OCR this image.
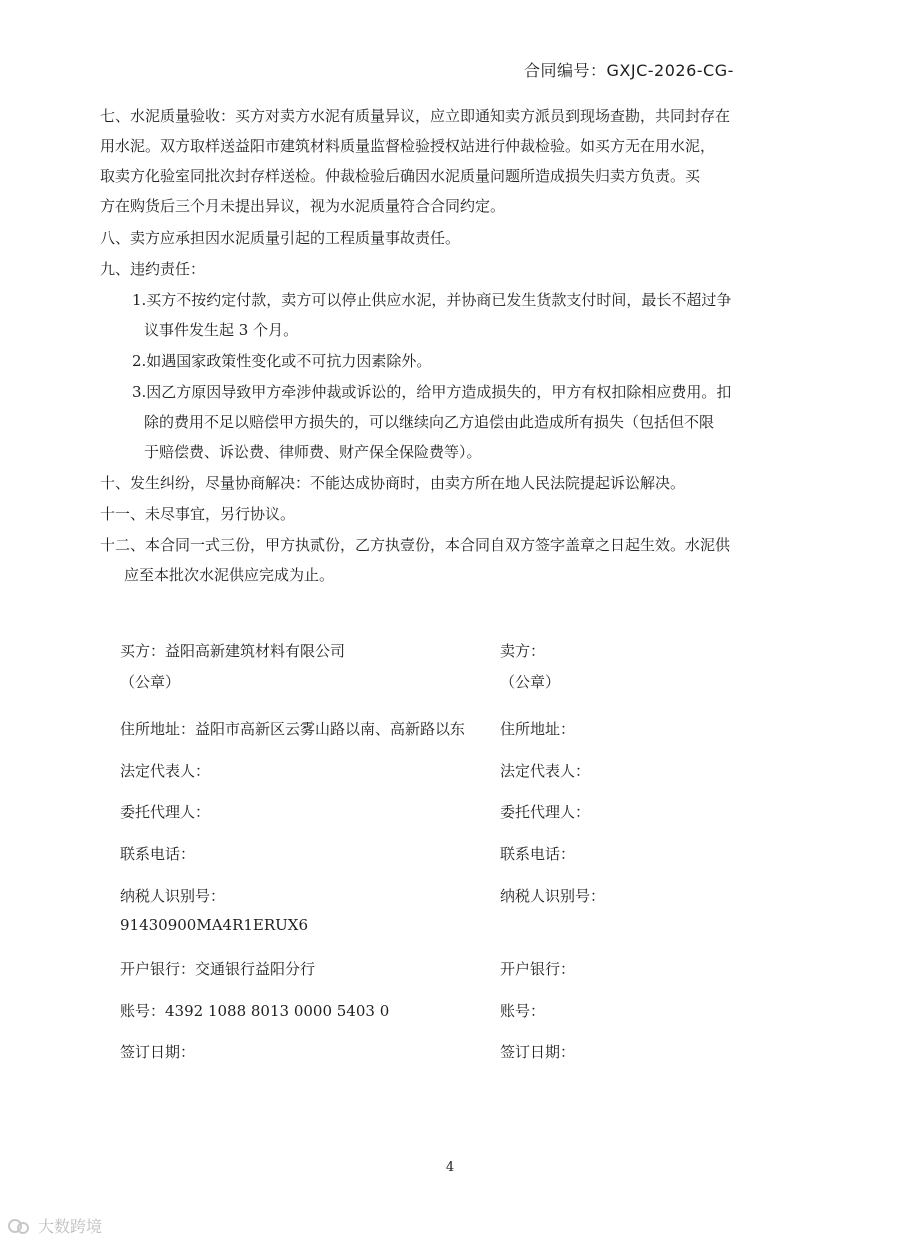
合同编号：GXJC-2026-CG-
七、水泥质量验收：买方对卖方水泥有质量异议，应立即通知卖方派员到现场查勘，共同封存在
用水泥。双方取样送益阳市建筑材料质量监督检验授权站进行仲裁检验。如买方无在用水泥，
取卖方化验室同批次封存样送检。仲裁检验后确因水泥质量问题所造成损失归卖方负责。买
方在购货后三个月未提出异议，视为水泥质量符合合同约定。
八、卖方应承担因水泥质量引起的工程质量事故责任。
九、违约责任：
1.买方不按约定付款，卖方可以停止供应水泥，并协商已发生货款支付时间，最长不超过争
议事件发生起 3 个月。
2.如遇国家政策性变化或不可抗力因素除外。
3.因乙方原因导致甲方牵涉仲裁或诉讼的，给甲方造成损失的，甲方有权扣除相应费用。扣
除的费用不足以赔偿甲方损失的，可以继续向乙方追偿由此造成所有损失（包括但不限
于赔偿费、诉讼费、律师费、财产保全保险费等）。
十、发生纠纷，尽量协商解决：不能达成协商时，由卖方所在地人民法院提起诉讼解决。
十一、未尽事宜，另行协议。
十二、本合同一式三份，甲方执贰份，乙方执壹份，本合同自双方签字盖章之日起生效。水泥供
应至本批次水泥供应完成为止。
买方：益阳高新建筑材料有限公司	卖方：
（公章）	（公章）
住所地址：益阳市高新区云雾山路以南、高新路以东 住所地址：
法定代表人：	法定代表人：
委托代理人：	委托代理人：
联系电话：	联系电话：
纳税人识别号：	纳税人识别号：
91430900MA4R1ERUX6
开户银行：交通银行益阳分行	开户银行：
账号：4392 1088 8013 0000 5403 0	账号：
签订日期：	签订日期：
4
大数跨境
